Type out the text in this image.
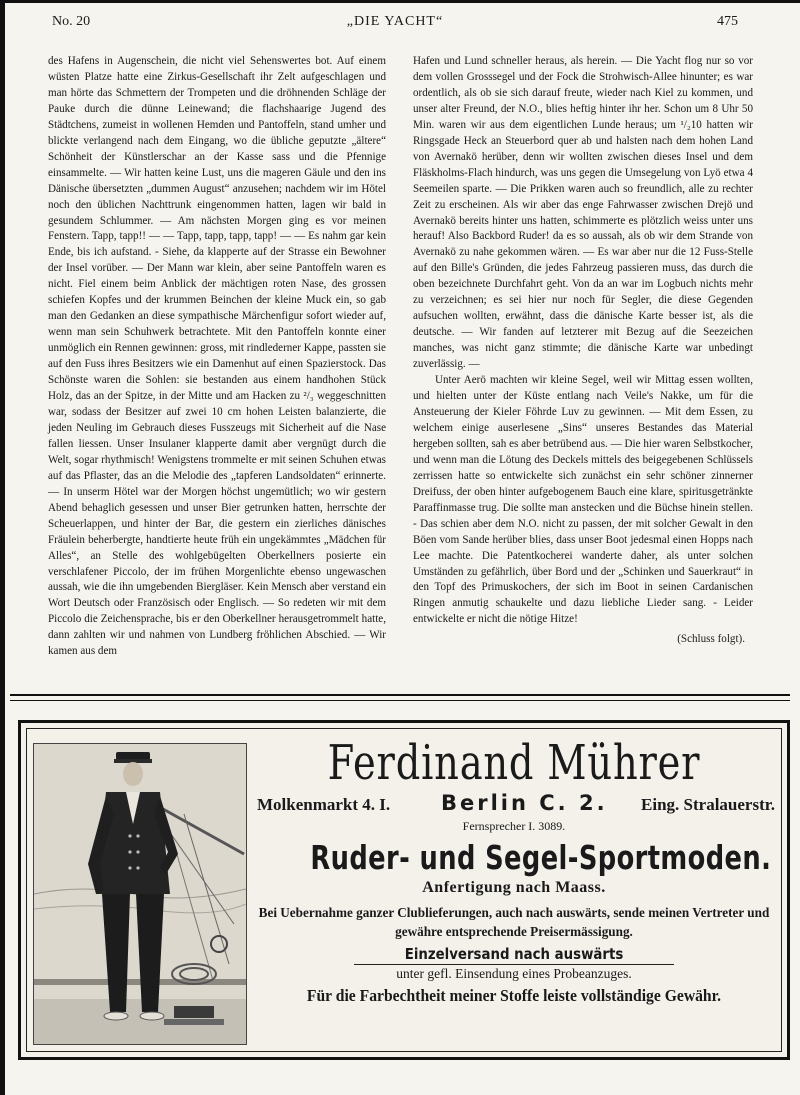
No. 20	„DIE YACHT“	475

des Hafens in Augenschein, die nicht viel Sehenswertes bot. Auf einem wüsten Platze hatte eine Zirkus-Gesellschaft ihr Zelt aufgeschlagen und man hörte das Schmettern der Trompeten und die dröhnenden Schläge der Pauke durch die dünne Leinewand; die flachshaarige Jugend des Städtchens, zumeist in wollenen Hemden und Pantoffeln, stand umher und blickte verlangend nach dem Eingang, wo die übliche geputzte „ältere“ Schönheit der Künstlerschar an der Kasse sass und die Pfennige einsammelte. — Wir hatten keine Lust, uns die mageren Gäule und den ins Dänische übersetzten „dummen August“ anzusehen; nachdem wir im Hötel noch den üblichen Nachttrunk eingenommen hatten, lagen wir bald in gesundem Schlummer. — Am nächsten Morgen ging es vor meinen Fenstern. Tapp, tapp!! — — Tapp, tapp, tapp, tapp! — — Es nahm gar kein Ende, bis ich aufstand. - Siehe, da klapperte auf der Strasse ein Bewohner der Insel vorüber. — Der Mann war klein, aber seine Pantoffeln waren es nicht. Fiel einem beim Anblick der mächtigen roten Nase, des grossen schiefen Kopfes und der krummen Beinchen der kleine Muck ein, so gab man den Gedanken an diese sympathische Märchenfigur sofort wieder auf, wenn man sein Schuhwerk betrachtete. Mit den Pantoffeln konnte einer unmöglich ein Rennen gewinnen: gross, mit rindlederner Kappe, passten sie auf den Fuss ihres Besitzers wie ein Damenhut auf einen Spazierstock. Das Schönste waren die Sohlen: sie bestanden aus einem handhohen Stück Holz, das an der Spitze, in der Mitte und am Hacken zu ²/₃ weggeschnitten war, sodass der Besitzer auf zwei 10 cm hohen Leisten balanzierte, die jeden Neuling im Gebrauch dieses Fusszeugs mit Sicherheit auf die Nase fallen liessen. Unser Insulaner klapperte damit aber vergnügt durch die Welt, sogar rhythmisch! Wenigstens trommelte er mit seinen Schuhen etwas auf das Pflaster, das an die Melodie des „tapferen Landsoldaten“ erinnerte. — In unserm Hötel war der Morgen höchst ungemütlich; wo wir gestern Abend behaglich gesessen und unser Bier getrunken hatten, herrschte der Scheuerlappen, und hinter der Bar, die gestern ein zierliches dänisches Fräulein beherbergte, handtierte heute früh ein ungekämmtes „Mädchen für Alles“, an Stelle des wohlgebügelten Oberkellners posierte ein verschlafener Piccolo, der im frühen Morgenlichte ebenso ungewaschen aussah, wie die ihn umgebenden Biergläser. Kein Mensch aber verstand ein Wort Deutsch oder Französisch oder Englisch. — So redeten wir mit dem Piccolo die Zeichensprache, bis er den Oberkellner herausgetrommelt hatte, dann zahlten wir und nahmen von Lundberg fröhlichen Abschied. — Wir kamen aus dem

Hafen und Lund schneller heraus, als herein. — Die Yacht flog nur so vor dem vollen Grosssegel und der Fock die Strohwisch-Allee hinunter; es war ordentlich, als ob sie sich darauf freute, wieder nach Kiel zu kommen, und unser alter Freund, der N.O., blies heftig hinter ihr her. Schon um 8 Uhr 50 Min. waren wir aus dem eigentlichen Lunde heraus; um ¹/₂10 hatten wir Ringsgade Heck an Steuerbord quer ab und halsten nach dem hohen Land von Avernakö herüber, denn wir wollten zwischen dieses Insel und dem Fläskholms-Flach hindurch, was uns gegen die Umsegelung von Lyö etwa 4 Seemeilen sparte. — Die Prikken waren auch so freundlich, alle zu rechter Zeit zu erscheinen. Als wir aber das enge Fahrwasser zwischen Drejö und Avernakö bereits hinter uns hatten, schimmerte es plötzlich weiss unter uns herauf! Also Backbord Ruder! da es so aussah, als ob wir dem Strande von Avernakö zu nahe gekommen wären. — Es war aber nur die 12 Fuss-Stelle auf den Bille's Gründen, die jedes Fahrzeug passieren muss, das durch die oben bezeichnete Durchfahrt geht. Von da an war im Logbuch nichts mehr zu verzeichnen; es sei hier nur noch für Segler, die diese Gegenden aufsuchen wollten, erwähnt, dass die dänische Karte besser ist, als die deutsche. — Wir fanden auf letzterer mit Bezug auf die Seezeichen manches, was nicht ganz stimmte; die dänische Karte war unbedingt zuverlässig. —

Unter Aerö machten wir kleine Segel, weil wir Mittag essen wollten, und hielten unter der Küste entlang nach Veile's Nakke, um für die Ansteuerung der Kieler Föhrde Luv zu gewinnen. — Mit dem Essen, zu welchem einige auserlesene „Sins“ unseres Bestandes das Material hergeben sollten, sah es aber betrübend aus. — Die hier waren Selbstkocher, und wenn man die Lötung des Deckels mittels des beigegebenen Schlüssels zerrissen hatte so entwickelte sich zunächst ein sehr schöner zinnerner Dreifuss, der oben hinter aufgebogenem Bauch eine klare, spiritusgetränkte Paraffinmasse trug. Die sollte man anstecken und die Büchse hinein stellen. - Das schien aber dem N.O. nicht zu passen, der mit solcher Gewalt in den Böen vom Sande herüber blies, dass unser Boot jedesmal einen Hopps nach Lee machte. Die Patentkocherei wanderte daher, als unter solchen Umständen zu gefährlich, über Bord und der „Schinken und Sauerkraut“ in den Topf des Primuskochers, der sich im Boot in seinen Cardanischen Ringen anmutig schaukelte und dazu liebliche Lieder sang. - Leider entwickelte er nicht die nötige Hitze!

(Schluss folgt).

Ferdinand Mührer
Molkenmarkt 4. I. Berlin C. 2. Eing. Stralauerstr.
Fernsprecher I. 3089.
Ruder- und Segel-Sportmoden.
Anfertigung nach Maass.
Bei Uebernahme ganzer Clublieferungen, auch nach auswärts, sende meinen Vertreter und gewähre entsprechende Preisermässigung.
Einzelversand nach auswärts
unter gefl. Einsendung eines Probeanzuges.
Für die Farbechtheit meiner Stoffe leiste vollständige Gewähr.
